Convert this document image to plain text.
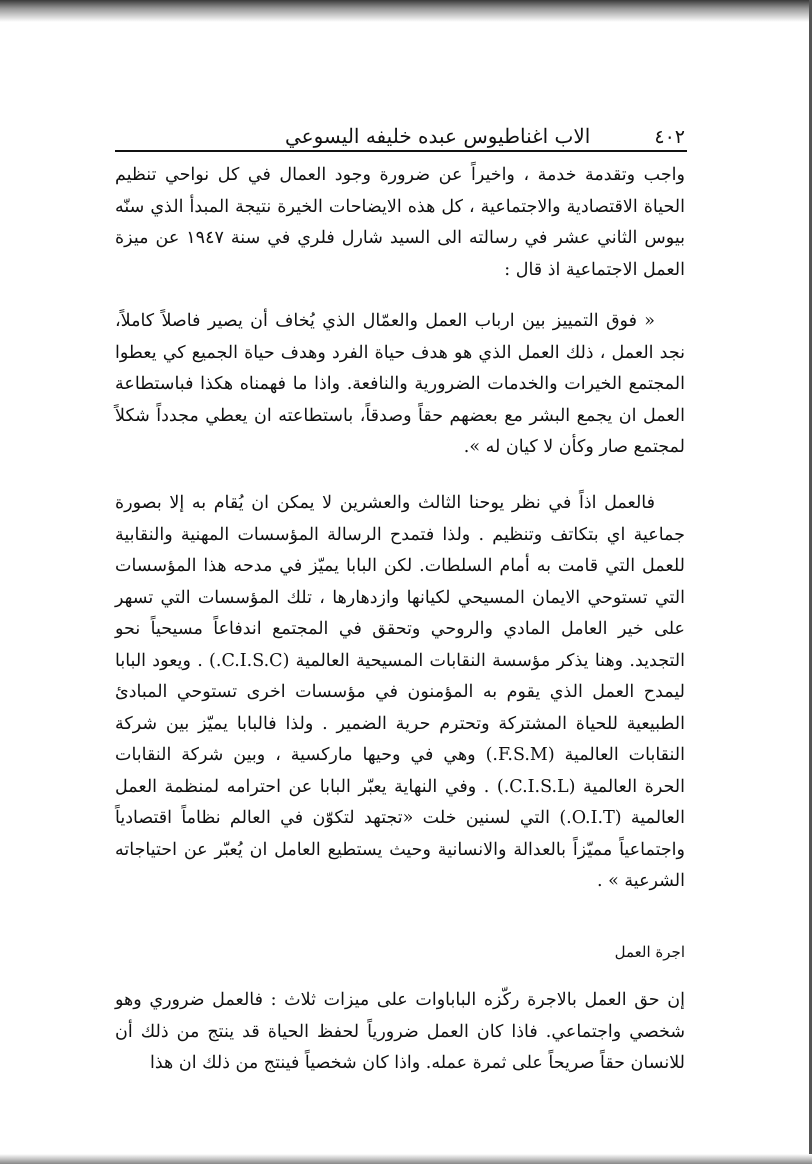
٤٠٢
الاب اغناطيوس عبده خليفه اليسوعي

واجب وتقدمة خدمة ، واخيراً عن ضرورة وجود العمال في كل نواحي تنظيم الحياة الاقتصادية والاجتماعية ، كل هذه الايضاحات الخيرة نتيجة المبدأ الذي سنّه بيوس الثاني عشر في رسالته الى السيد شارل فلري في سنة ١٩٤٧ عن ميزة العمل الاجتماعية اذ قال :

« فوق التمييز بين ارباب العمل والعمّال الذي يُخاف أن يصير فاصلاً كاملاً، نجد العمل ، ذلك العمل الذي هو هدف حياة الفرد وهدف حياة الجميع كي يعطوا المجتمع الخيرات والخدمات الضرورية والنافعة. واذا ما فهمناه هكذا فباستطاعة العمل ان يجمع البشر مع بعضهم حقاً وصدقاً، باستطاعته ان يعطي مجدداً شكلاً لمجتمع صار وكأن لا كيان له ».

فالعمل اذاً في نظر يوحنا الثالث والعشرين لا يمكن ان يُقام به إلا بصورة جماعية اي بتكاتف وتنظيم . ولذا فتمدح الرسالة المؤسسات المهنية والنقابية للعمل التي قامت به أمام السلطات. لكن البابا يميّز في مدحه هذا المؤسسات التي تستوحي الايمان المسيحي لكيانها وازدهارها ، تلك المؤسسات التي تسهر على خير العامل المادي والروحي وتحقق في المجتمع اندفاعاً مسيحياً نحو التجديد. وهنا يذكر مؤسسة النقابات المسيحية العالمية (C.I.S.C.) . ويعود البابا ليمدح العمل الذي يقوم به المؤمنون في مؤسسات اخرى تستوحي المبادئ الطبيعية للحياة المشتركة وتحترم حرية الضمير . ولذا فالبابا يميّز بين شركة النقابات العالمية (F.S.M.) وهي في وحيها ماركسية ، وبين شركة النقابات الحرة العالمية (C.I.S.L.) . وفي النهاية يعبّر البابا عن احترامه لمنظمة العمل العالمية (O.I.T.) التي لسنين خلت «تجتهد لتكوّن في العالم نظاماً اقتصادياً واجتماعياً مميّزاً بالعدالة والانسانية وحيث يستطيع العامل ان يُعبّر عن احتياجاته الشرعية » .

اجرة العمل

إن حق العمل بالاجرة ركّزه الباباوات على ميزات ثلاث : فالعمل ضروري وهو شخصي واجتماعي. فاذا كان العمل ضرورياً لحفظ الحياة قد ينتج من ذلك أن للانسان حقاً صريحاً على ثمرة عمله. واذا كان شخصياً فينتج من ذلك ان هذا
